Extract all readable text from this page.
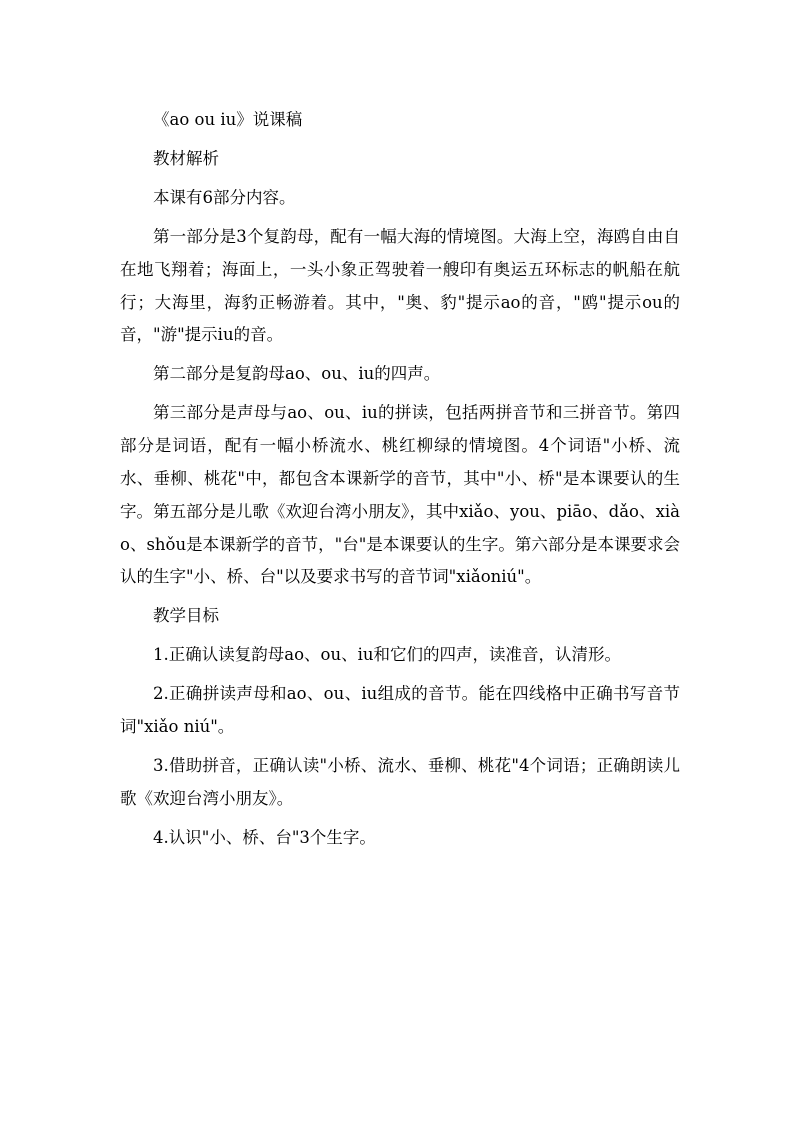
《ao ou iu》说课稿

教材解析

本课有6部分内容。

第一部分是3个复韵母，配有一幅大海的情境图。大海上空，海鸥自由自在地飞翔着；海面上，一头小象正驾驶着一艘印有奥运五环标志的帆船在航行；大海里，海豹正畅游着。其中，"奥、豹"提示ao的音，"鸥"提示ou的音，"游"提示iu的音。

第二部分是复韵母ao、ou、iu的四声。

第三部分是声母与ao、ou、iu的拼读，包括两拼音节和三拼音节。第四部分是词语，配有一幅小桥流水、桃红柳绿的情境图。4个词语"小桥、流水、垂柳、桃花"中，都包含本课新学的音节，其中"小、桥"是本课要认的生字。第五部分是儿歌《欢迎台湾小朋友》，其中xiǎo、you、piāo、dǎo、xiào、shǒu是本课新学的音节，"台"是本课要认的生字。第六部分是本课要求会认的生字"小、桥、台"以及要求书写的音节词"xiǎoniú"。

教学目标

1.正确认读复韵母ao、ou、iu和它们的四声，读准音，认清形。

2.正确拼读声母和ao、ou、iu组成的音节。能在四线格中正确书写音节词"xiǎo niú"。

3.借助拼音，正确认读"小桥、流水、垂柳、桃花"4个词语；正确朗读儿歌《欢迎台湾小朋友》。

4.认识"小、桥、台"3个生字。
